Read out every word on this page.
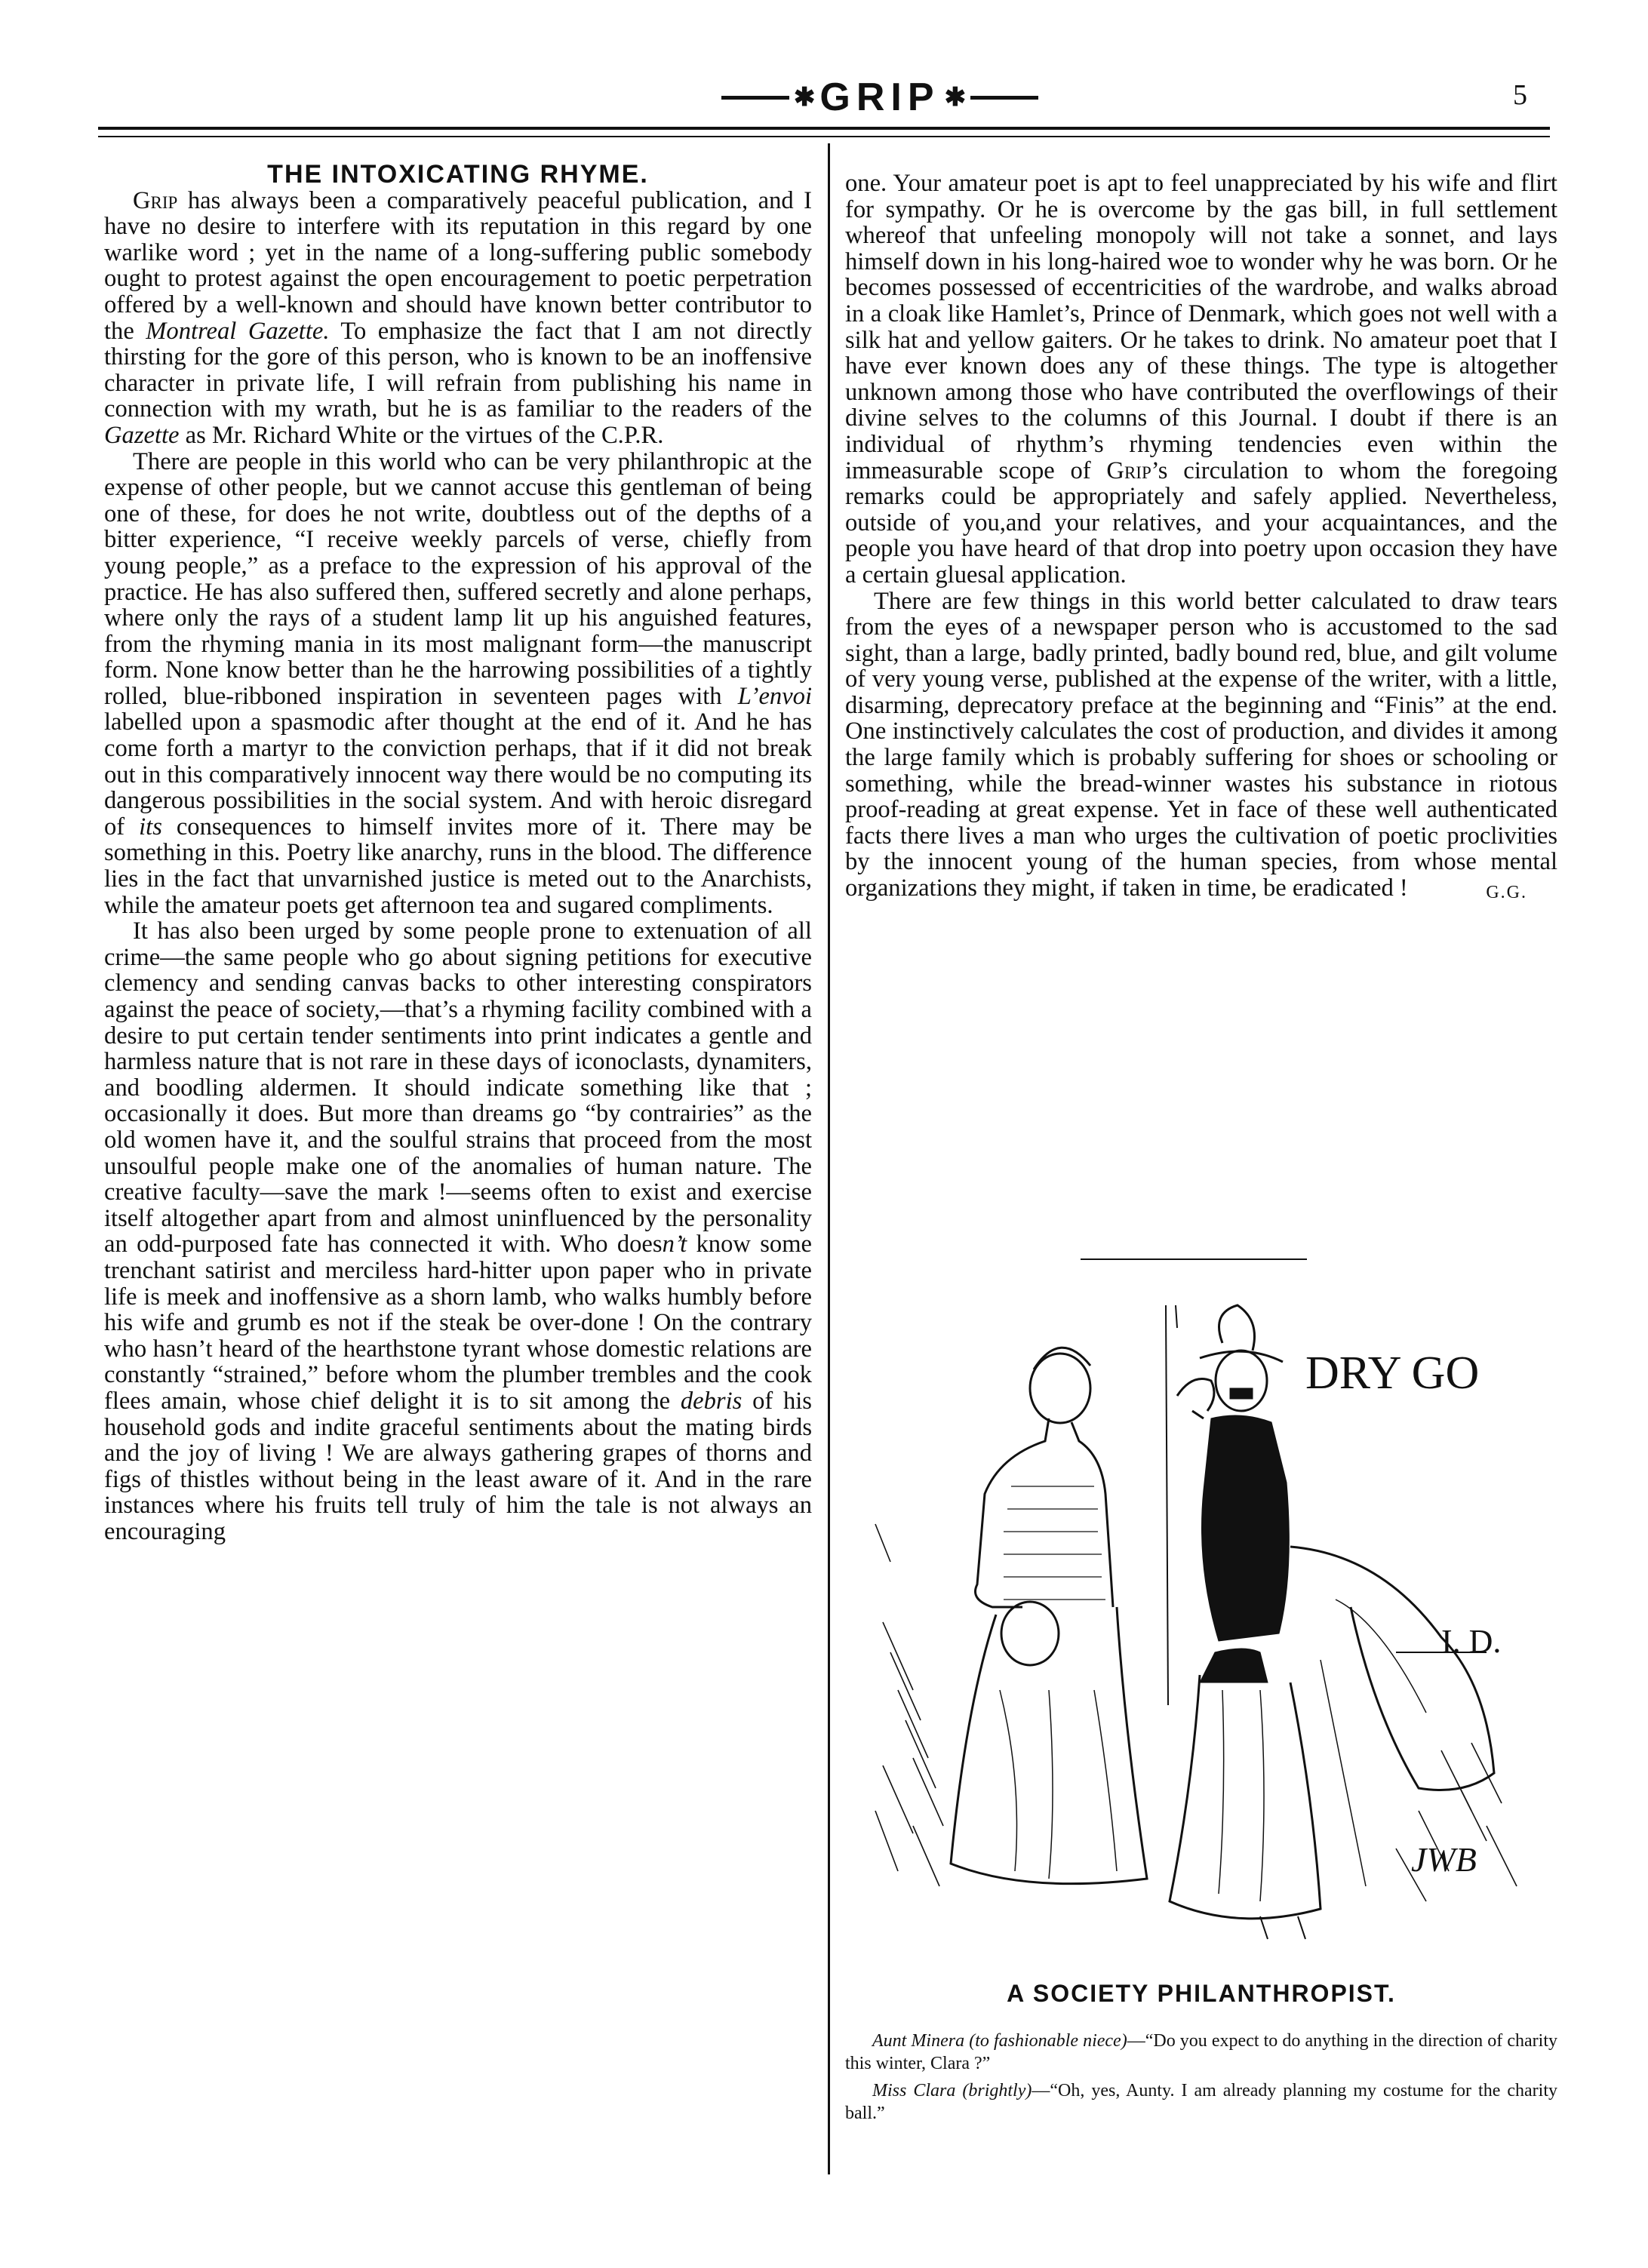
✱ GRIP ✱	5

THE INTOXICATING RHYME.

Grip has always been a comparatively peaceful publication, and I have no desire to interfere with its reputation in this regard by one warlike word ; yet in the name of a long-suffering public somebody ought to protest against the open encouragement to poetic perpetration offered by a well-known and should have known better contributor to the Montreal Gazette. To emphasize the fact that I am not directly thirsting for the gore of this person, who is known to be an inoffensive character in private life, I will refrain from publishing his name in connection with my wrath, but he is as familiar to the readers of the Gazette as Mr. Richard White or the virtues of the C.P.R.

There are people in this world who can be very philanthropic at the expense of other people, but we cannot accuse this gentleman of being one of these, for does he not write, doubtless out of the depths of a bitter experience, “I receive weekly parcels of verse, chiefly from young people,” as a preface to the expression of his approval of the practice. He has also suffered then, suffered secretly and alone perhaps, where only the rays of a student lamp lit up his anguished features, from the rhyming mania in its most malignant form—the manuscript form. None know better than he the harrowing possibilities of a tightly rolled, blue-ribboned inspiration in seventeen pages with L’envoi labelled upon a spasmodic after thought at the end of it. And he has come forth a martyr to the conviction perhaps, that if it did not break out in this comparatively innocent way there would be no computing its dangerous possibilities in the social system. And with heroic disregard of its consequences to himself invites more of it. There may be something in this. Poetry like anarchy, runs in the blood. The difference lies in the fact that unvarnished justice is meted out to the Anarchists, while the amateur poets get afternoon tea and sugared compliments.

It has also been urged by some people prone to extenuation of all crime—the same people who go about signing petitions for executive clemency and sending canvas backs to other interesting conspirators against the peace of society,—that’s a rhyming facility combined with a desire to put certain tender sentiments into print indicates a gentle and harmless nature that is not rare in these days of iconoclasts, dynamiters, and boodling aldermen. It should indicate something like that ; occasionally it does. But more than dreams go “by contrairies” as the old women have it, and the soulful strains that proceed from the most unsoulful people make one of the anomalies of human nature. The creative faculty—save the mark !—seems often to exist and exercise itself altogether apart from and almost uninfluenced by the personality an odd-purposed fate has connected it with. Who doesn’t know some trenchant satirist and merciless hard-hitter upon paper who in private life is meek and inoffensive as a shorn lamb, who walks humbly before his wife and grumb es not if the steak be over-done ! On the contrary who hasn’t heard of the hearthstone tyrant whose domestic relations are constantly “strained,” before whom the plumber trembles and the cook flees amain, whose chief delight it is to sit among the debris of his household gods and indite graceful sentiments about the mating birds and the joy of living ! We are always gathering grapes of thorns and figs of thistles without being in the least aware of it. And in the rare instances where his fruits tell truly of him the tale is not always an encouraging

one. Your amateur poet is apt to feel unappreciated by his wife and flirt for sympathy. Or he is overcome by the gas bill, in full settlement whereof that unfeeling monopoly will not take a sonnet, and lays himself down in his long-haired woe to wonder why he was born. Or he becomes possessed of eccentricities of the wardrobe, and walks abroad in a cloak like Hamlet’s, Prince of Denmark, which goes not well with a silk hat and yellow gaiters. Or he takes to drink. No amateur poet that I have ever known does any of these things. The type is altogether unknown among those who have contributed the overflowings of their divine selves to the columns of this Journal. I doubt if there is an individual of rhythm’s rhyming tendencies even within the immeasurable scope of Grip’s circulation to whom the foregoing remarks could be appropriately and safely applied. Nevertheless, outside of you,and your relatives, and your acquaintances, and the people you have heard of that drop into poetry upon occasion they have a certain gluesal application.

There are few things in this world better calculated to draw tears from the eyes of a newspaper person who is accustomed to the sad sight, than a large, badly printed, badly bound red, blue, and gilt volume of very young verse, published at the expense of the writer, with a little, disarming, deprecatory preface at the beginning and “Finis” at the end. One instinctively calculates the cost of production, and divides it among the large family which is probably suffering for shoes or schooling or something, while the bread-winner wastes his substance in riotous proof-reading at great expense. Yet in face of these well authenticated facts there lives a man who urges the cultivation of poetic proclivities by the innocent young of the human species, from whose mental organizations they might, if taken in time, be eradicated !	G.G.

DRY GO
I. D.
JWB
A SOCIETY PHILANTHROPIST.

Aunt Minera (to fashionable niece)—“Do you expect to do anything in the direction of charity this winter, Clara ?”

Miss Clara (brightly)—“Oh, yes, Aunty. I am already planning my costume for the charity ball.”
